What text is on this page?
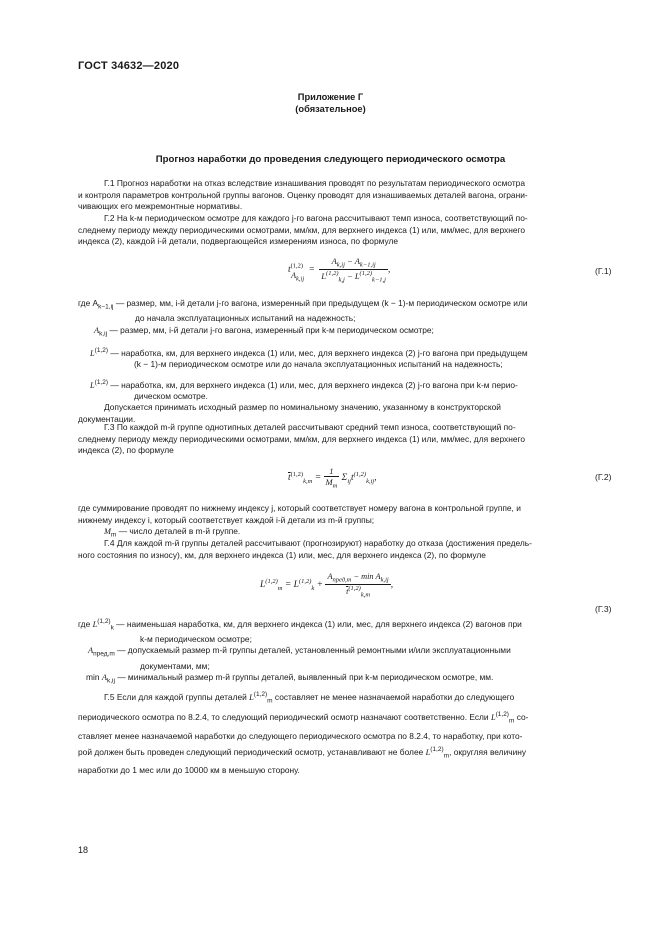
ГОСТ 34632—2020
Приложение Г
(обязательное)
Прогноз наработки до проведения следующего периодического осмотра
Г.1 Прогноз наработки на отказ вследствие изнашивания проводят по результатам периодического осмотра
и контроля параметров контрольной группы вагонов. Оценку проводят для изнашиваемых деталей вагона, ограни-
чивающих его межремонтные нормативы.
Г.2 На k-м периодическом осмотре для каждого j-го вагона рассчитывают темп износа, соответствующий по-
следнему периоду между периодическими осмотрами, мм/км, для верхнего индекса (1) или, мм/мес, для верхнего
индекса (2), каждой i-й детали, подвергающейся измерениям износа, по формуле
$t^{(1,2)}_{A_{k,ij}} = \frac{A_{k,ij} - A_{k-1,ij}}{L^{(1,2)}_{k,j} - L^{(1,2)}_{k-1,j}}$ ,	(Г.1)
где $A_{k-1,ij}$ — размер, мм, i-й детали j-го вагона, измеренный при предыдущем (k − 1)-м периодическом осмотре или
до начала эксплуатационных испытаний на надежность;
$A_{k,ij}$ — размер, мм, i-й детали j-го вагона, измеренный при k-м периодическом осмотре;
L$^{(1,2)}$ — наработка, км, для верхнего индекса (1) или, мес, для верхнего индекса (2) j-го вагона при предыдущем
(k − 1)-м периодическом осмотре или до начала эксплуатационных испытаний на надежность;
L$^{(1,2)}$ — наработка, км, для верхнего индекса (1) или, мес, для верхнего индекса (2) j-го вагона при k-м перио-
дическом осмотре.
Допускается принимать исходный размер по номинальному значению, указанному в конструкторской
документации.
Г.3 По каждой m-й группе однотипных деталей рассчитывают средний темп износа, соответствующий по-
следнему периоду между периодическими осмотрами, мм/км, для верхнего индекса (1) или, мм/мес, для верхнего
индекса (2), по формуле
$\overline{t}^{(1,2)}_{k,m} = \frac{1}{M_m} \Sigma_{ij}t^{(1,2)}_{k,ij}$,	(Г.2)
где суммирование проводят по нижнему индексу j, который соответствует номеру вагона в контрольной группе, и
нижнему индексу i, который соответствует каждой i-й детали из m-й группы;
$M_m$ — число деталей в m-й группе.
Г.4 Для каждой m-й группы деталей рассчитывают (прогнозируют) наработку до отказа (достижения предель-
ного состояния по износу), км, для верхнего индекса (1) или, мес, для верхнего индекса (2), по формуле
$L^{(1,2)}_m = L^{(1,2)}_k + \frac{A_{пред,m} - \min A_{k,ij}}{\overline{t}^{(1,2)}_{k,m}}$ ,
(Г.3)
где L$^{(1,2)}_k$ — наименьшая наработка, км, для верхнего индекса (1) или, мес, для верхнего индекса (2) вагонов при
k-м периодическом осмотре;
$A_{пред,m}$ — допускаемый размер m-й группы деталей, установленный ремонтными и/или эксплуатационными
документами, мм;
$\min A_{k,ij}$ — минимальный размер m-й группы деталей, выявленный при k-м периодическом осмотре, мм.
Г.5 Если для каждой группы деталей L$^{(1,2)}_m$ составляет не менее назначаемой наработки до следующего
периодического осмотра по 8.2.4, то следующий периодический осмотр назначают соответственно. Если L$^{(1,2)}_m$ со-
ставляет менее назначаемой наработки до следующего периодического осмотра по 8.2.4, то наработку, при кото-
рой должен быть проведен следующий периодический осмотр, устанавливают не более L$^{(1,2)}_m$, округляя величину
наработки до 1 мес или до 10000 км в меньшую сторону.
18
